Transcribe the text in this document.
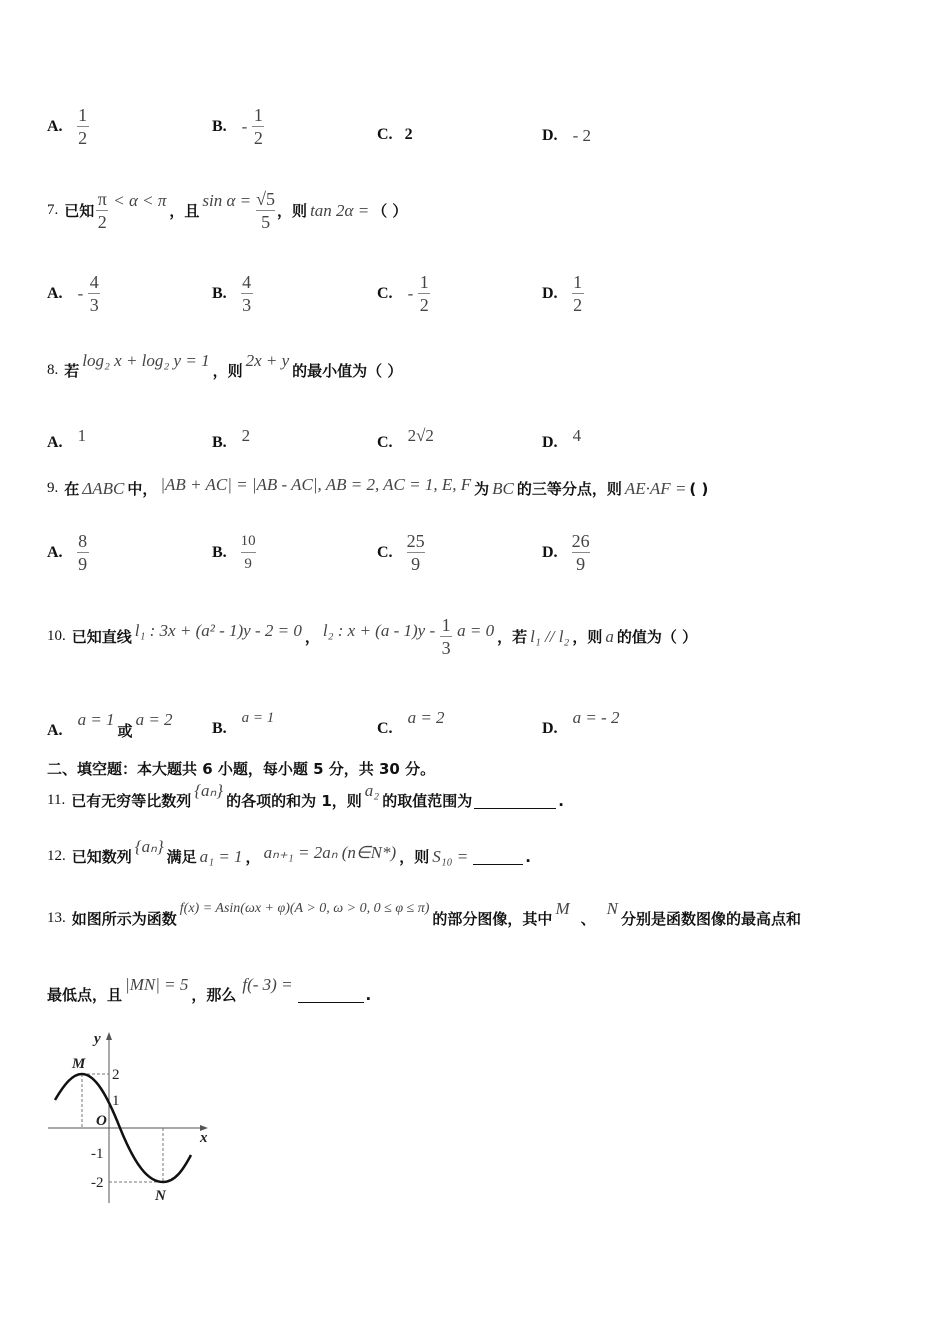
A. $\frac{1}{2}$	B. - $\frac{1}{2}$	C. 2	D. - 2
7. 已知 $\frac{\pi}{2} < \alpha < \pi$
，且
$\sin \alpha = \frac{√5}{5}$ ，则 tan 2α = （ ）
A. - $\frac{4}{3}$	B. $\frac{4}{3}$	C. - $\frac{1}{2}$	D. $\frac{1}{2}$
8. 若
log₂ x + log₂ y = 1
，则
2x + y
的最小值为（ ）
A. 1	B. 2	C. 2√2	D. 4
9. 在 ΔABC 中， |AB + AC| = |AB - AC|, AB = 2, AC = 1, E, F 为 BC 的三等分点，则 AE·AF = ( )
A. $\frac{8}{9}$	B. $\frac{10}{9}$	C. $\frac{25}{9}$	D. $\frac{26}{9}$
10. 已知直线 l₁ : 3x + (a² - 1)y - 2 = 0 ， l₂ : $x + (a - 1)y - \frac{1}{3}$ a = 0 ，若 l₁ // l₂ ，则 a 的值为（ ）
A.
a = 1
或
a = 2 B.
a = 1
C.
a = 2
D.
a = - 2
二、填空题：本大题共 6 小题，每小题 5 分，共 30 分。
11. 已有无穷等比数列
{aₙ}
的各项的和为 1，则
a₂
的取值范围为	.
12. 已知数列
{aₙ}
满足 a₁ = 1 ， aₙ₊₁ = 2aₙ (n∈N*) ，则 S₁₀ =	.
13. 如图所示为函数
f(x) = Asin(ωx + φ)(A > 0, ω > 0, 0 ≤ φ ≤ π)
的部分图像，其中
M
、
N
分别是函数图像的最高点和
最低点，且
|MN| = 5
，那么
f(- 3) =
.
x
y
O
M
N
2
1
-1
-2
